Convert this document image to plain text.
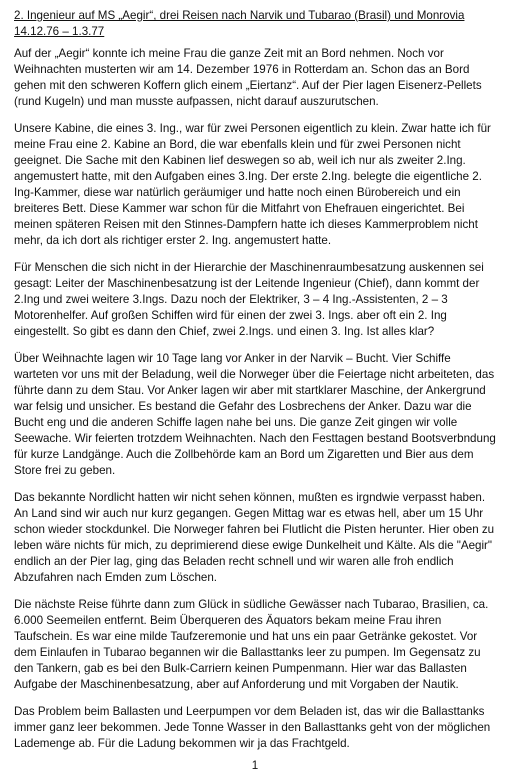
2. Ingenieur auf MS „Aegir“, drei Reisen nach Narvik und Tubarao (Brasil) und Monrovia
14.12.76 – 1.3.77

Auf der „Aegir“ konnte ich meine Frau die ganze Zeit mit an Bord nehmen. Noch vor Weihnachten musterten wir am 14. Dezember 1976 in Rotterdam an. Schon das an Bord gehen mit den schweren Koffern glich einem „Eiertanz“. Auf der Pier lagen Eisenerz-Pellets (rund Kugeln) und man musste aufpassen, nicht darauf auszurutschen.

Unsere Kabine, die eines 3. Ing., war für zwei Personen eigentlich zu klein. Zwar hatte ich für meine Frau eine 2. Kabine an Bord, die war ebenfalls klein und für zwei Personen nicht geeignet. Die Sache mit den Kabinen lief deswegen so ab, weil ich nur als zweiter 2.Ing. angemustert hatte, mit den Aufgaben eines 3.Ing. Der erste 2.Ing. belegte die eigentliche 2. Ing-Kammer, diese war natürlich geräumiger und hatte noch einen Bürobereich und ein breiteres Bett. Diese Kammer war schon für die Mitfahrt von Ehefrauen eingerichtet. Bei meinen späteren Reisen mit den Stinnes-Dampfern hatte ich dieses Kammerproblem nicht mehr, da ich dort als richtiger erster 2. Ing. angemustert hatte.

Für Menschen die sich nicht in der Hierarchie der Maschinenraumbesatzung auskennen sei gesagt: Leiter der Maschinenbesatzung ist der Leitende Ingenieur (Chief), dann kommt der 2.Ing und zwei weitere 3.Ings. Dazu noch der Elektriker, 3 – 4 Ing.-Assistenten, 2 – 3 Motorenhelfer. Auf großen Schiffen wird für einen der zwei 3. Ings. aber oft ein 2. Ing eingestellt. So gibt es dann den Chief, zwei 2.Ings. und einen 3. Ing. Ist alles klar?

Über Weihnachte lagen wir 10 Tage lang vor Anker in der Narvik – Bucht. Vier Schiffe warteten vor uns mit der Beladung, weil die Norweger über die Feiertage nicht arbeiteten, das führte dann zu dem Stau. Vor Anker lagen wir aber mit startklarer Maschine, der Ankergrund war felsig und unsicher. Es bestand die Gefahr des Losbrechens der Anker. Dazu war die Bucht eng und die anderen Schiffe lagen nahe bei uns. Die ganze Zeit gingen wir volle Seewache. Wir feierten trotzdem Weihnachten. Nach den Festtagen bestand Bootsverbndung für kurze Landgänge. Auch die Zollbehörde kam an Bord um Zigaretten und Bier aus dem Store frei zu geben.

Das bekannte Nordlicht hatten wir nicht sehen können, mußten es irgndwie verpasst haben. An Land sind wir auch nur kurz gegangen. Gegen Mittag war es etwas hell, aber um 15 Uhr schon wieder stockdunkel. Die Norweger fahren bei Flutlicht die Pisten herunter. Hier oben zu leben wäre nichts für mich, zu deprimierend diese ewige Dunkelheit und Kälte. Als die "Aegir" endlich an der Pier lag, ging das Beladen recht schnell und wir waren alle froh endlich Abzufahren nach Emden zum Löschen.

Die nächste Reise führte dann zum Glück in südliche Gewässer nach Tubarao, Brasilien, ca. 6.000 Seemeilen entfernt. Beim Überqueren des Äquators bekam meine Frau ihren Taufschein. Es war eine milde Taufzeremonie und hat uns ein paar Getränke gekostet. Vor dem Einlaufen in Tubarao begannen wir die Ballasttanks leer zu pumpen. Im Gegensatz zu den Tankern, gab es bei den Bulk-Carriern keinen Pumpenmann. Hier war das Ballasten Aufgabe der Maschinenbesatzung, aber auf Anforderung und mit Vorgaben der Nautik.

Das Problem beim Ballasten und Leerpumpen vor dem Beladen ist, das wir die Ballasttanks immer ganz leer bekommen. Jede Tonne Wasser in den Ballasttanks geht von der möglichen Lademenge ab. Für die Ladung bekommen wir ja das Frachtgeld.

1
